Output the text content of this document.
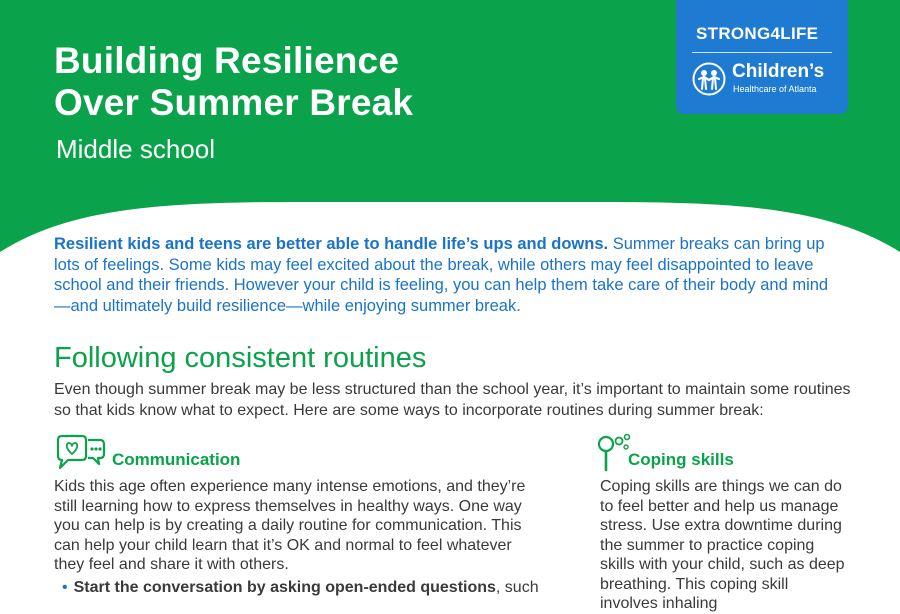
Building Resilience
Over Summer Break
Middle school
STRONG4LIFE
Children’s
Healthcare of Atlanta

Resilient kids and teens are better able to handle life’s ups and downs. Summer breaks can bring up lots of feelings. Some kids may feel excited about the break, while others may feel disappointed to leave school and their friends. However your child is feeling, you can help them take care of their body and mind—and ultimately build resilience—while enjoying summer break.

Following consistent routines

Even though summer break may be less structured than the school year, it’s important to maintain some routines so that kids know what to expect. Here are some ways to incorporate routines during summer break:

Communication

Kids this age often experience many intense emotions, and they’re still learning how to express themselves in healthy ways. One way you can help is by creating a daily routine for communication. This can help your child learn that it’s OK and normal to feel whatever they feel and share it with others.

• Start the conversation by asking open-ended questions, such
Coping skills

Coping skills are things we can do to feel better and help us manage stress. Use extra downtime during the summer to practice coping skills with your child, such as deep breathing. This coping skill involves inhaling
